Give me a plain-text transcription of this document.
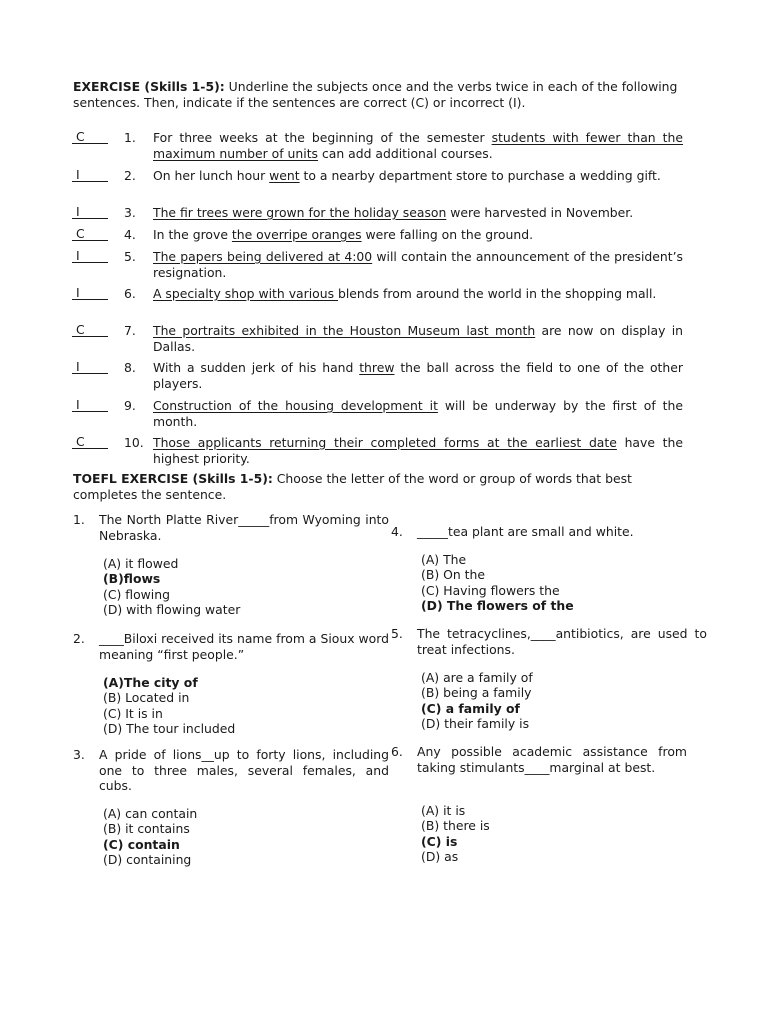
EXERCISE (Skills 1-5): Underline the subjects once and the verbs twice in each of the following sentences. Then, indicate if the sentences are correct (C) or incorrect (I).

C	1. For three weeks at the beginning of the semester students with fewer than the maximum number of units can add additional courses.
I	2. On her lunch hour went to a nearby department store to purchase a wedding gift.
I	3. The fir trees were grown for the holiday season were harvested in November.
C	4. In the grove the overripe oranges were falling on the ground.
I	5. The papers being delivered at 4:00 will contain the announcement of the president’s resignation.
I	6. A specialty shop with various blends from around the world in the shopping mall.
C	7. The portraits exhibited in the Houston Museum last month are now on display in Dallas.
I	8. With a sudden jerk of his hand threw the ball across the field to one of the other players.
I	9. Construction of the housing development it will be underway by the first of the month.
C	10. Those applicants returning their completed forms at the earliest date have the highest priority.

TOEFL EXERCISE (Skills 1-5): Choose the letter of the word or group of words that best completes the sentence.

1. The North Platte River_____from Wyoming into Nebraska.
(A) it flowed
(B)flows
(C) flowing
(D) with flowing water
2. ____Biloxi received its name from a Sioux word meaning “first people.”
(A)The city of
(B) Located in
(C) It is in
(D) The tour included
3. A pride of lions__up to forty lions, including one to three males, several females, and cubs.
(A) can contain
(B) it contains
(C) contain
(D) containing
4. _____tea plant are small and white.
(A) The
(B) On the
(C) Having flowers the
(D) The flowers of the
5. The tetracyclines,____antibiotics, are used to treat infections.
(A) are a family of
(B) being a family
(C) a family of
(D) their family is
6. Any possible academic assistance from taking stimulants____marginal at best.
(A) it is
(B) there is
(C) is
(D) as
